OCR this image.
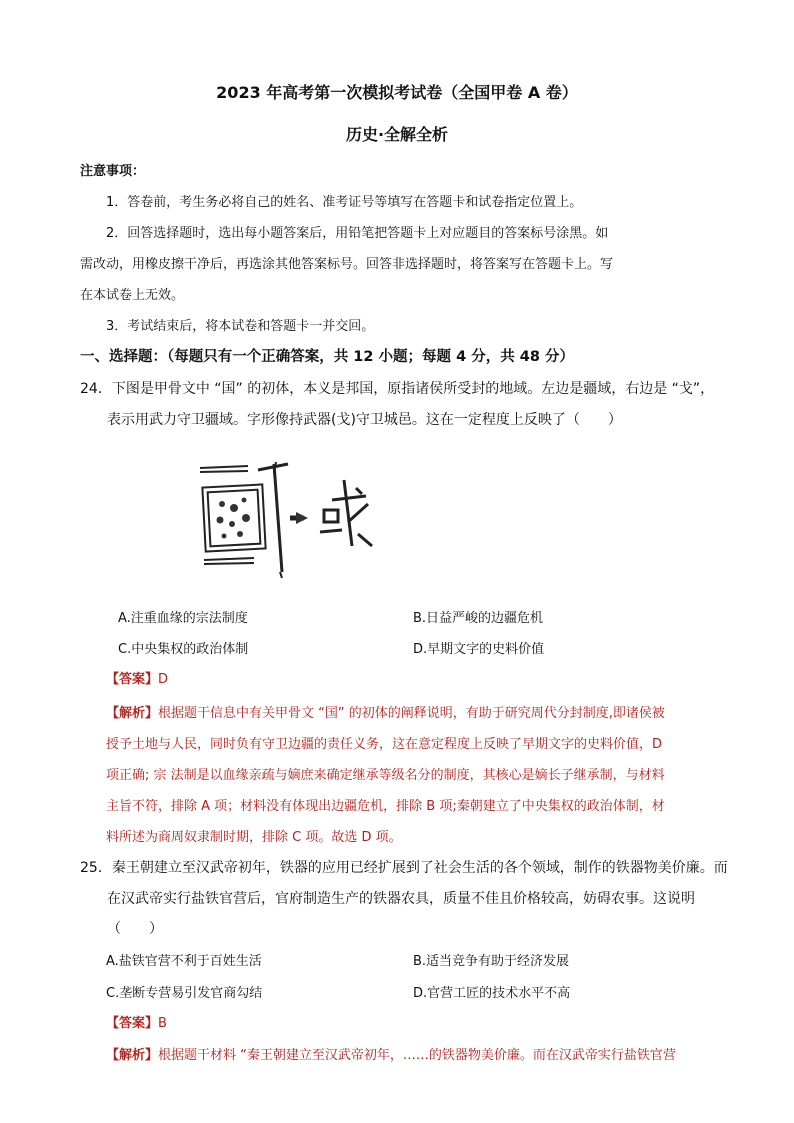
2023 年高考第一次模拟考试卷（全国甲卷 A 卷）
历史·全解全析
注意事项：
1．答卷前，考生务必将自己的姓名、准考证号等填写在答题卡和试卷指定位置上。
2．回答选择题时，选出每小题答案后，用铅笔把答题卡上对应题目的答案标号涂黑。如
需改动，用橡皮擦干净后，再选涂其他答案标号。回答非选择题时，将答案写在答题卡上。写
在本试卷上无效。
3．考试结束后，将本试卷和答题卡一并交回。
一、选择题：（每题只有一个正确答案，共 12 小题；每题 4 分，共 48 分）
24．下图是甲骨文中 “国” 的初体，本义是邦国，原指诸侯所受封的地域。左边是疆域，右边是 “戈”，
表示用武力守卫疆域。字形像持武器(戈)守卫城邑。这在一定程度上反映了（　　）
A.注重血缘的宗法制度	B.日益严峻的边疆危机
C.中央集权的政治体制	D.早期文字的史料价值
【答案】D
【解析】根据题干信息中有关甲骨文 “国” 的初体的阐释说明，有助于研究周代分封制度,即诸侯被
授予土地与人民，同时负有守卫边疆的责任义务，这在意定程度上反映了早期文字的史料价值，D
项正确; 宗 法制是以血缘亲疏与嫡庶来确定继承等级名分的制度，其核心是嫡长子继承制，与材料
主旨不符，排除 A 项；材料没有体现出边疆危机，排除 B 项;秦朝建立了中央集权的政治体制，材
料所述为商周奴隶制时期，排除 C 项。故选 D 项。
25．秦王朝建立至汉武帝初年，铁器的应用已经扩展到了社会生活的各个领域，制作的铁器物美价廉。而
在汉武帝实行盐铁官营后，官府制造生产的铁器农具，质量不佳且价格较高，妨碍农事。这说明
（　　）
A.盐铁官营不利于百姓生活	B.适当竞争有助于经济发展
C.垄断专营易引发官商勾结	D.官营工匠的技术水平不高
【答案】B
【解析】根据题干材料 “秦王朝建立至汉武帝初年，……的铁器物美价廉。而在汉武帝实行盐铁官营
